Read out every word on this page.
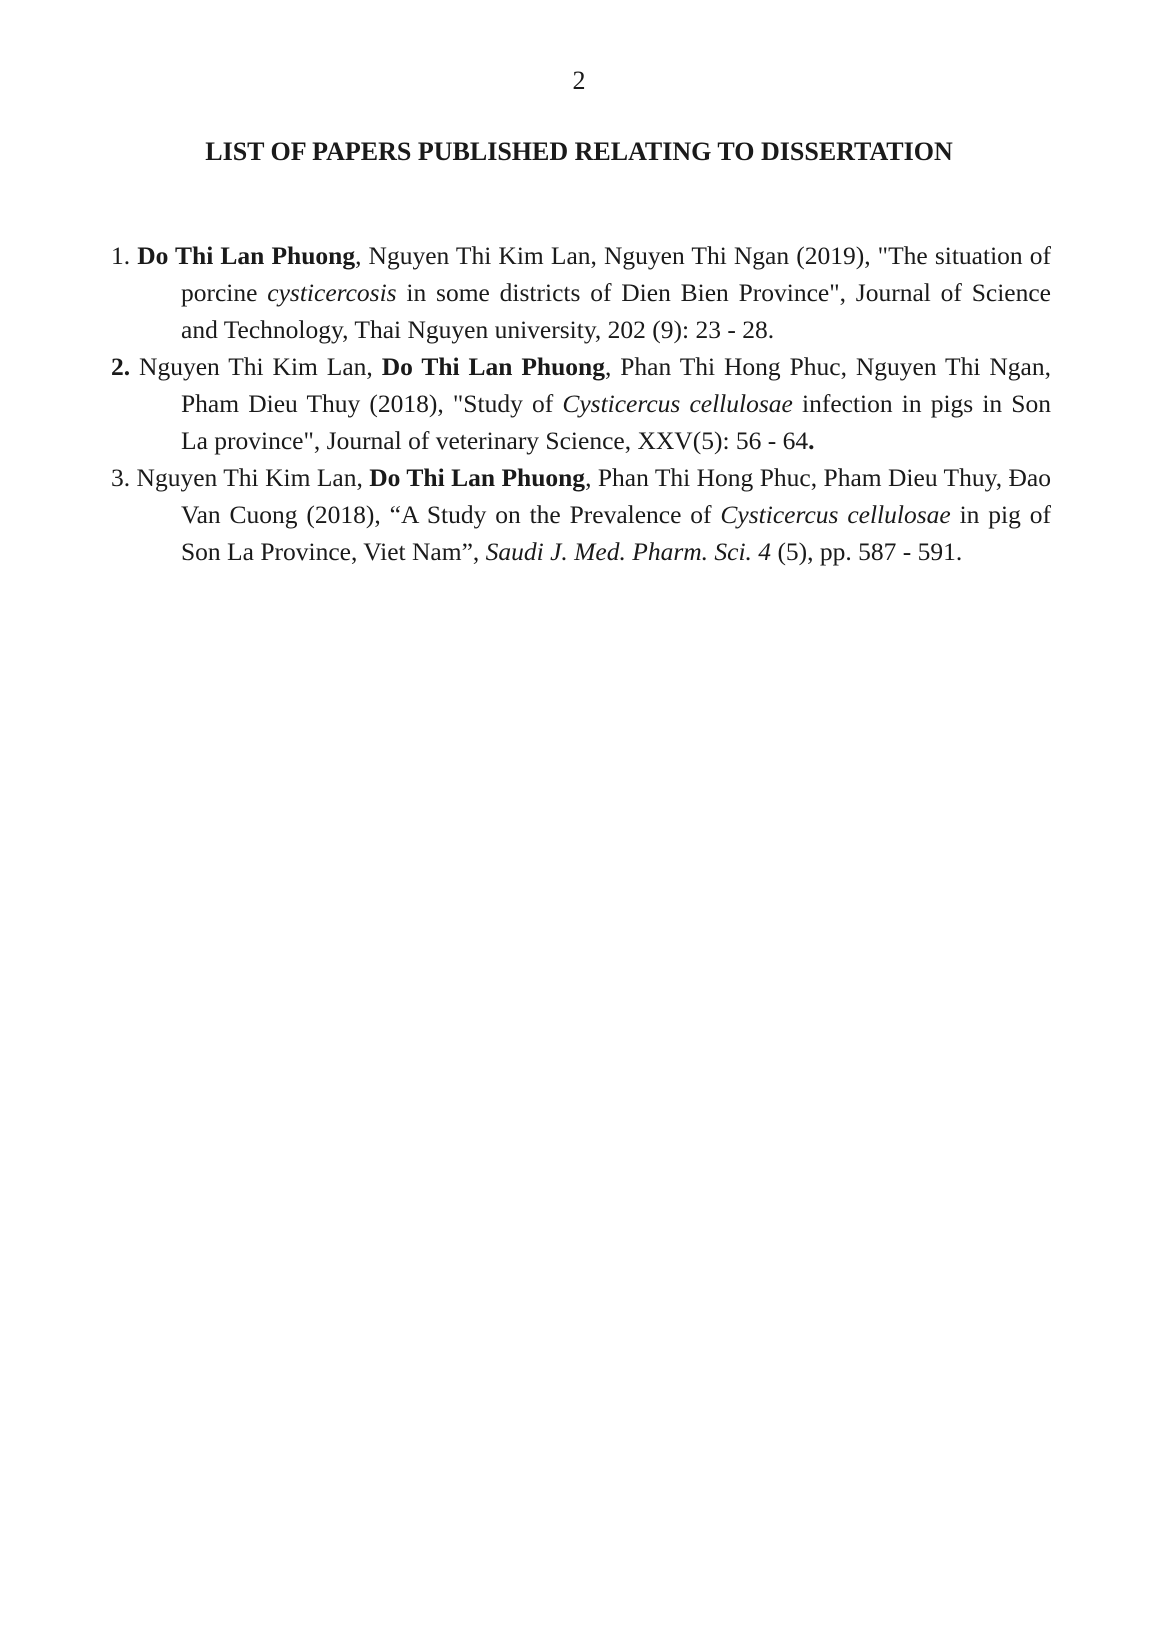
2
LIST OF PAPERS PUBLISHED RELATING TO DISSERTATION
1. Do Thi Lan Phuong, Nguyen Thi Kim Lan, Nguyen Thi Ngan (2019), "The situation of porcine cysticercosis in some districts of Dien Bien Province", Journal of Science and Technology, Thai Nguyen university, 202 (9): 23 - 28.
2. Nguyen Thi Kim Lan, Do Thi Lan Phuong, Phan Thi Hong Phuc, Nguyen Thi Ngan, Pham Dieu Thuy (2018), "Study of Cysticercus cellulosae infection in pigs in Son La province", Journal of veterinary Science, XXV(5): 56 - 64.
3. Nguyen Thi Kim Lan, Do Thi Lan Phuong, Phan Thi Hong Phuc, Pham Dieu Thuy, Đao Van Cuong (2018), “A Study on the Prevalence of Cysticercus cellulosae in pig of Son La Province, Viet Nam”, Saudi J. Med. Pharm. Sci. 4 (5), pp. 587 - 591.
